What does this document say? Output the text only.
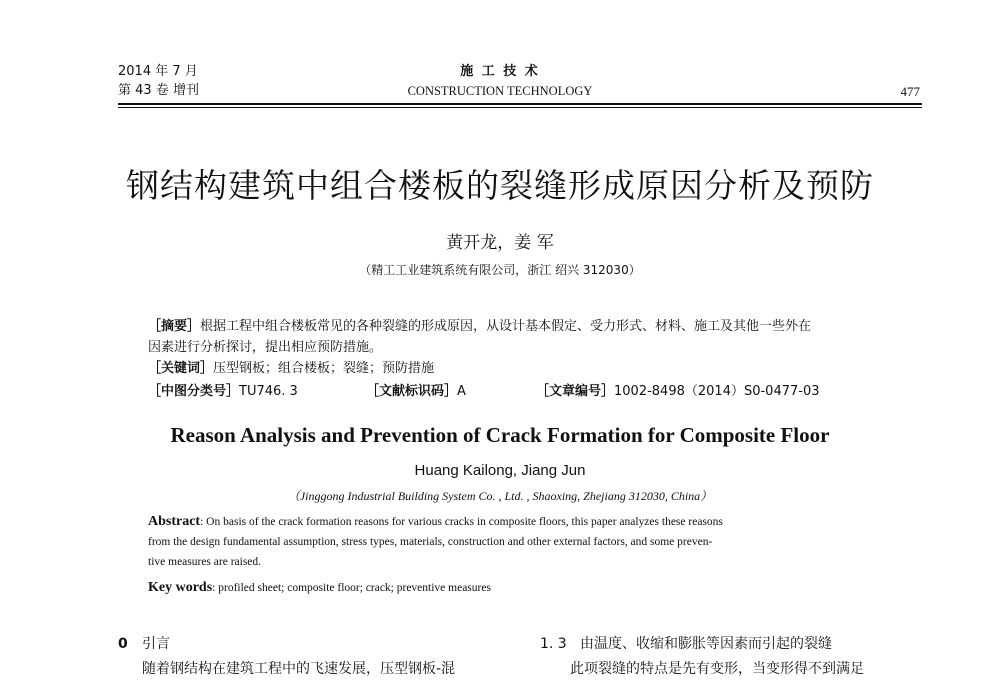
2014 年 7 月
第 43 卷 增刊
施 工 技 术
CONSTRUCTION TECHNOLOGY	477
钢结构建筑中组合楼板的裂缝形成原因分析及预防
黄开龙，姜 军
（精工工业建筑系统有限公司，浙江 绍兴 312030）
［摘要］根据工程中组合楼板常见的各种裂缝的形成原因，从设计基本假定、受力形式、材料、施工及其他一些外在
因素进行分析探讨，提出相应预防措施。
［关键词］压型钢板；组合楼板；裂缝；预防措施
［中图分类号］TU746. 3	［文献标识码］A	［文章编号］1002-8498（2014）S0-0477-03
Reason Analysis and Prevention of Crack Formation for Composite Floor
Huang Kailong, Jiang Jun
（Jinggong Industrial Building System Co. , Ltd. , Shaoxing, Zhejiang 312030, China）
Abstract: On basis of the crack formation reasons for various cracks in composite floors, this paper analyzes these reasons
from the design fundamental assumption, stress types, materials, construction and other external factors, and some preven-
tive measures are raised.
Key words: profiled sheet; composite floor; crack; preventive measures
0 引言
随着钢结构在建筑工程中的飞速发展，压型钢板-混
1. 3 由温度、收缩和膨胀等因素而引起的裂缝
此项裂缝的特点是先有变形，当变形得不到满足
